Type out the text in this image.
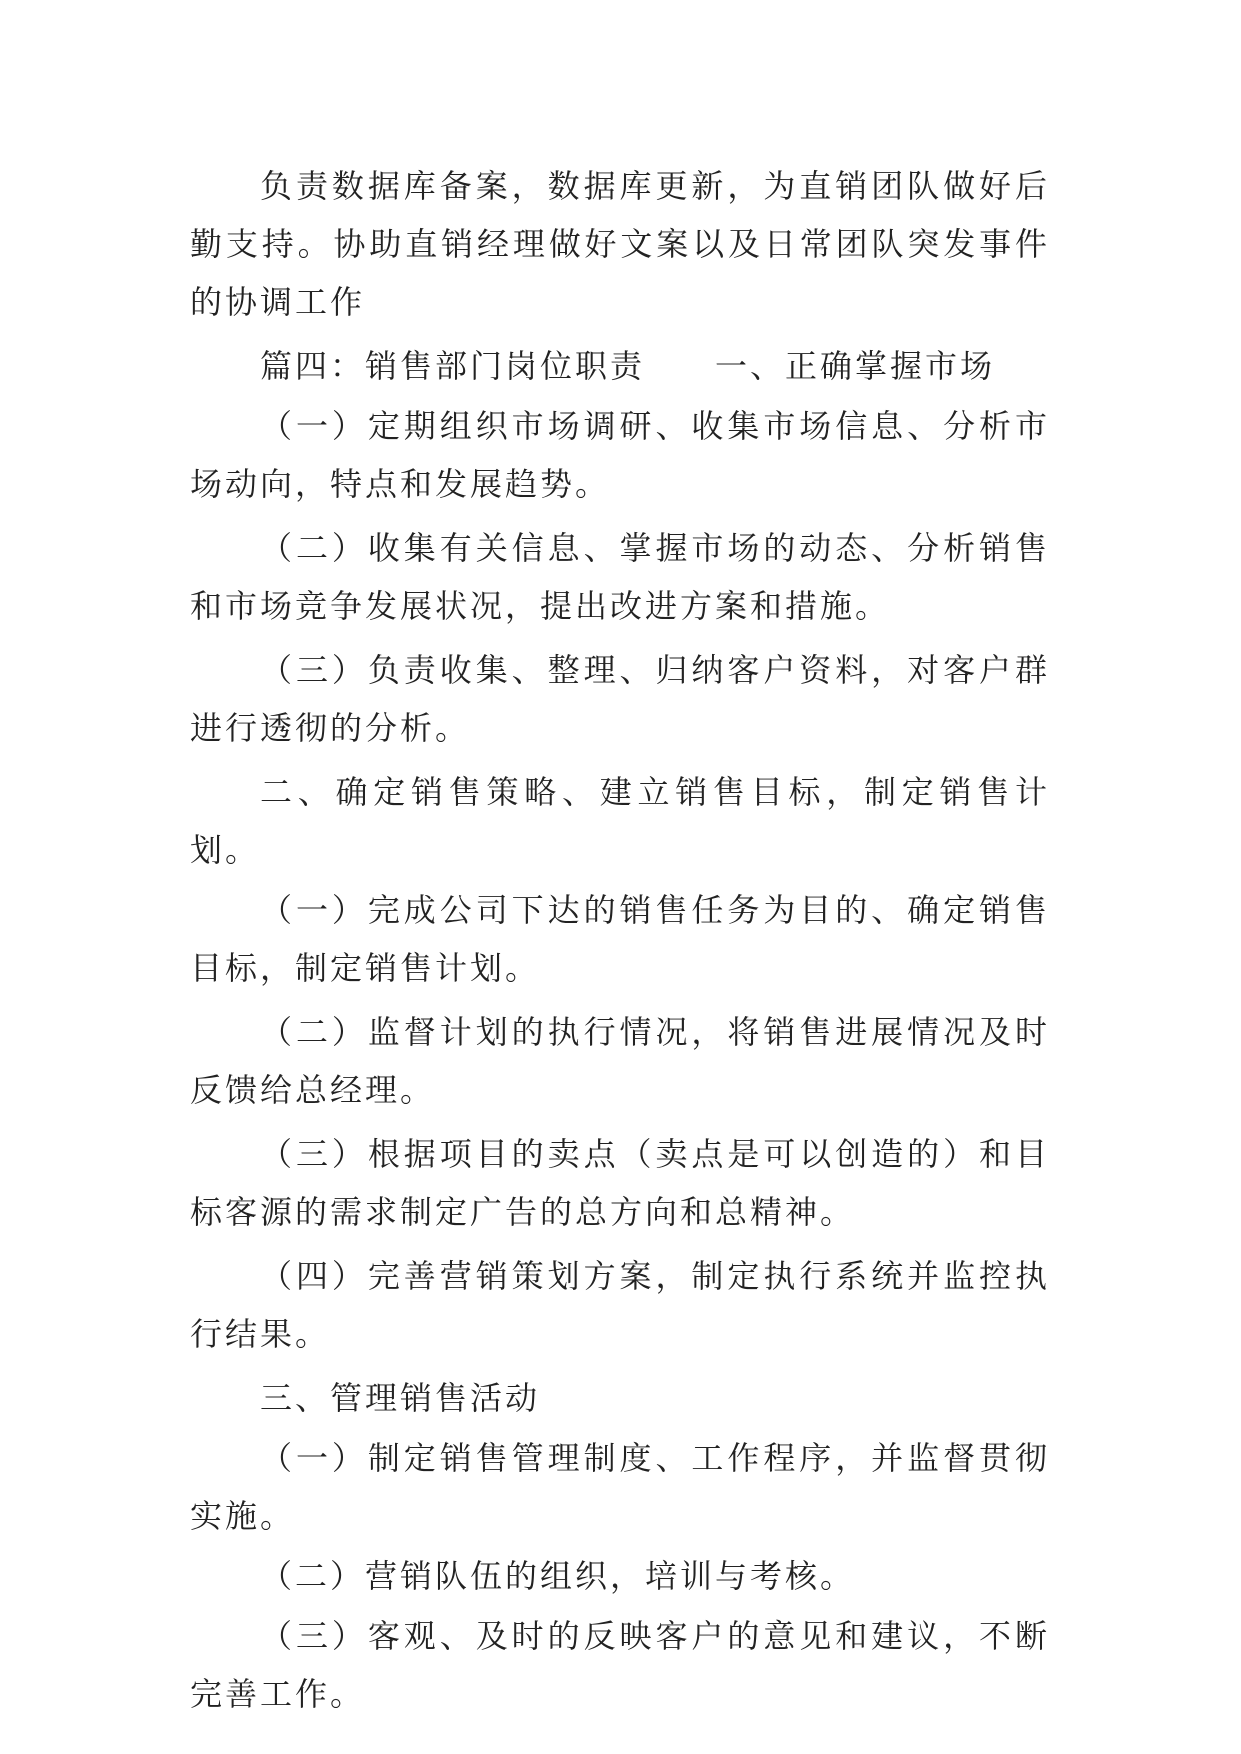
负责数据库备案，数据库更新，为直销团队做好后勤支持。协助直销经理做好文案以及日常团队突发事件的协调工作

篇四：销售部门岗位职责　　一、正确掌握市场

（一）定期组织市场调研、收集市场信息、分析市场动向，特点和发展趋势。

（二）收集有关信息、掌握市场的动态、分析销售和市场竞争发展状况，提出改进方案和措施。

（三）负责收集、整理、归纳客户资料，对客户群进行透彻的分析。

二、确定销售策略、建立销售目标，制定销售计划。

（一）完成公司下达的销售任务为目的、确定销售目标，制定销售计划。

（二）监督计划的执行情况，将销售进展情况及时反馈给总经理。

（三）根据项目的卖点（卖点是可以创造的）和目标客源的需求制定广告的总方向和总精神。

（四）完善营销策划方案，制定执行系统并监控执行结果。

三、管理销售活动

（一）制定销售管理制度、工作程序，并监督贯彻实施。

（二）营销队伍的组织，培训与考核。

（三）客观、及时的反映客户的意见和建议，不断完善工作。
